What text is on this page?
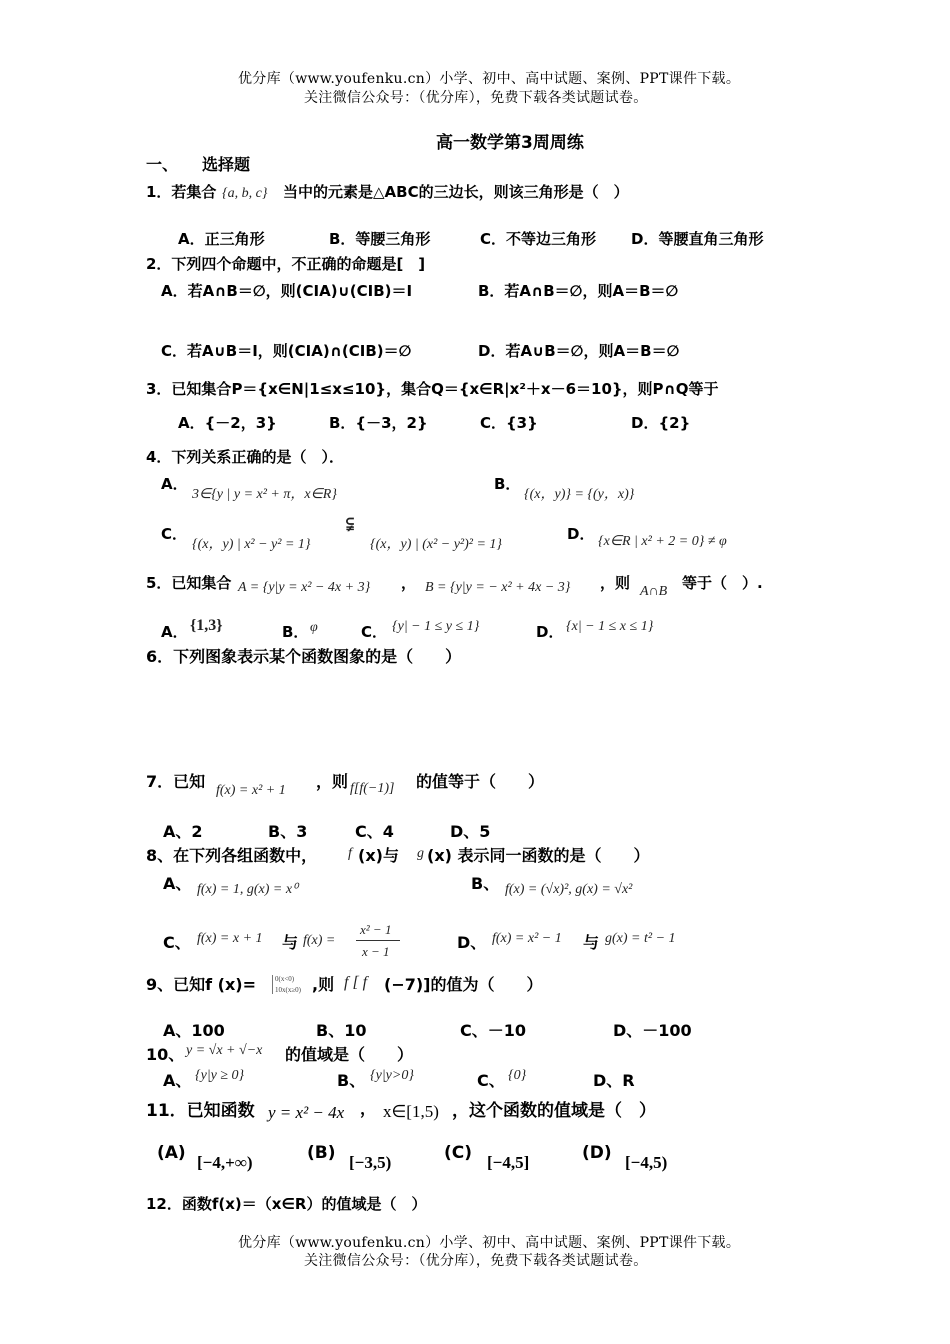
优分库（www.youfenku.cn）小学、初中、高中试题、案例、PPT课件下载。
关注微信公众号：（优分库），免费下载各类试题试卷。
高一数学第3周周练
一、 选择题
1．若集合 {a, b, c} 当中的元素是△ABC的三边长，则该三角形是（　）
A．正三角形	B．等腰三角形	C．不等边三角形 D．等腰直角三角形
2．下列四个命题中，不正确的命题是[　]
A．若A∩B＝∅，则(CIA)∪(CIB)＝I	B．若A∩B＝∅，则A＝B＝∅
C．若A∪B＝I，则(CIA)∩(CIB)＝∅	D．若A∪B＝∅，则A＝B＝∅
3．已知集合P＝{x∈N|1≤x≤10}，集合Q＝{x∈R|x²＋x－6＝10}，则P∩Q等于
A．{－2，3}	B．{－3，2}	C．{3}	D．{2}
4．下列关系正确的是（　）．
A．
3∈{y | y = x² + π，x∈R}
B．
{(x，y)} = {(y，x)}
C．
{(x，y) | x² − y² = 1}
⫋
{(x，y) | (x² − y²)² = 1}
D． {x∈R | x² + 2 = 0} ≠ φ
5．已知集合 A = {y|y = x² − 4x + 3} ， B = {y|y = − x² + 4x − 3} ，则 A∩B 等于（　）.
A． {1,3}	B． φ	C． {y| − 1 ≤ y ≤ 1}	D． {x| − 1 ≤ x ≤ 1}
6．下列图象表示某个函数图象的是（　　）
7．已知 f(x) = x² + 1 ，则 f[f(−1)] 的值等于（　　）
A、2	B、3	C、4	D、5
8、在下列各组函数中， f (x)与 g (x) 表示同一函数的是（　　）
A、 f(x) = 1, g(x) = x⁰	B、 f(x) = (√x)², g(x) = √x²
C、 f(x) = x + 1 与 f(x) =
x² − 1
x − 1	D、 f(x) = x² − 1 与 g(x) = t² − 1
9、已知f (x)=	0(x<0)
10x(x≥0) ,则 f [ f (−7)]的值为（　　）
A、100	B、10	C、－10	D、－100
10、 y = √x + √−x 的值域是（　　）
A、 {y|y ≥ 0}	B、 {y|y>0}	C、 {0}	D、R
11．已知函数 y = x² − 4x ， x∈[1,5) ，这个函数的值域是（　）
(A) [−4,+∞)	(B) [−3,5)	(C) [−4,5]	(D) [−4,5)
12．函数f(x)＝（x∈R）的值域是（　）
优分库（www.youfenku.cn）小学、初中、高中试题、案例、PPT课件下载。
关注微信公众号：（优分库），免费下载各类试题试卷。
